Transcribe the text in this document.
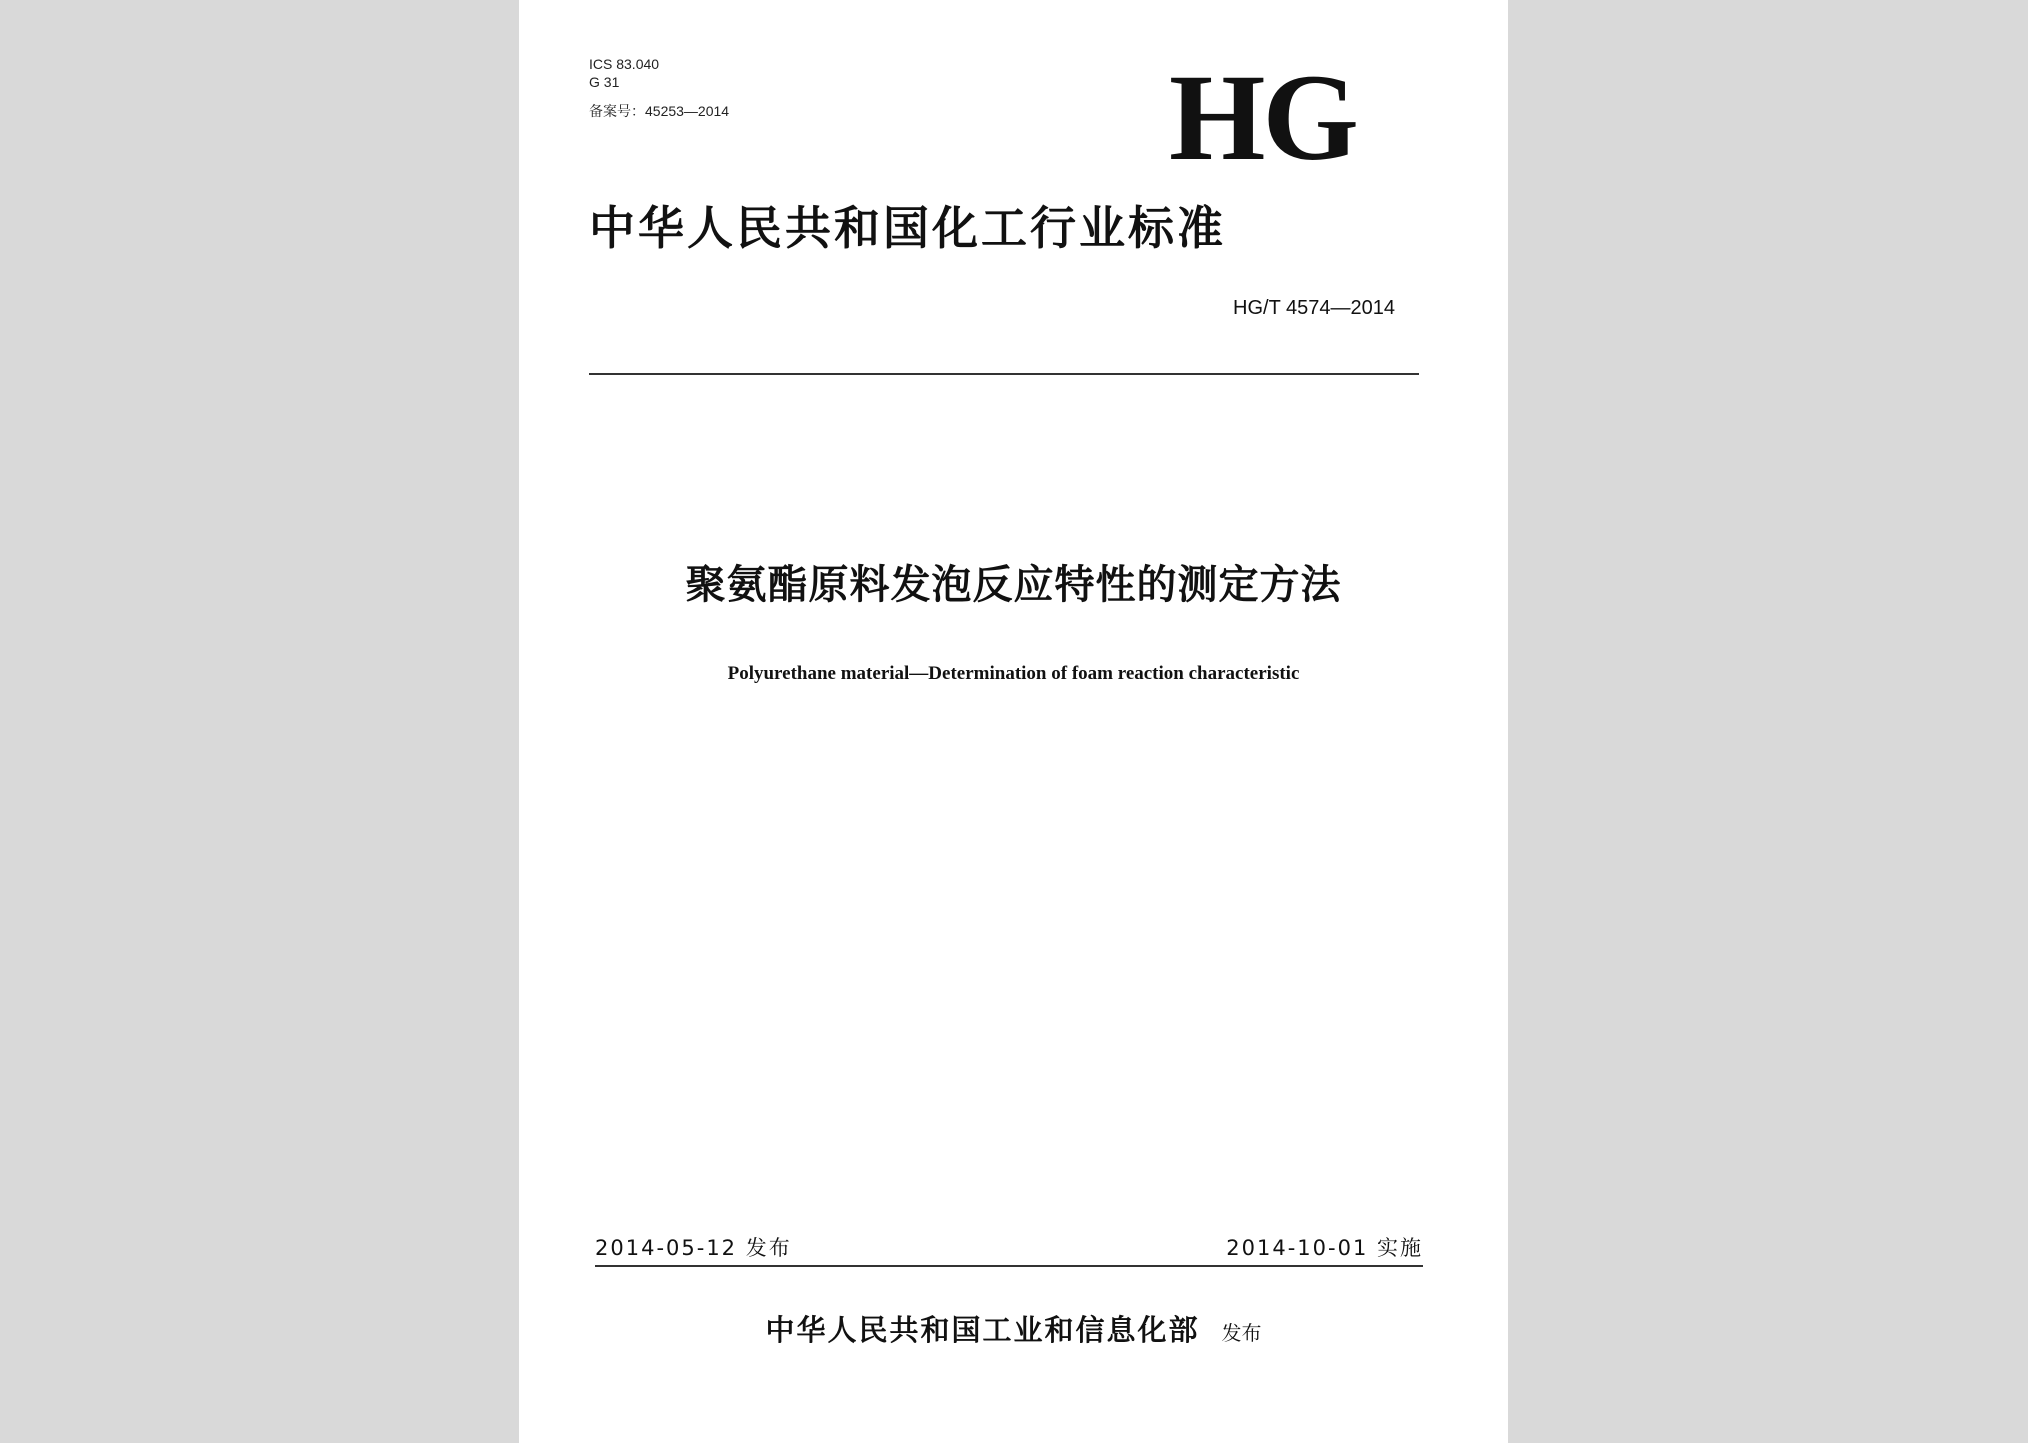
ICS 83.040
G 31
备案号：45253—2014	HG
中华人民共和国化工行业标准
HG/T 4574—2014
聚氨酯原料发泡反应特性的测定方法
Polyurethane material—Determination of foam reaction characteristic
2014-05-12 发布	2014-10-01 实施
中华人民共和国工业和信息化部 发布
